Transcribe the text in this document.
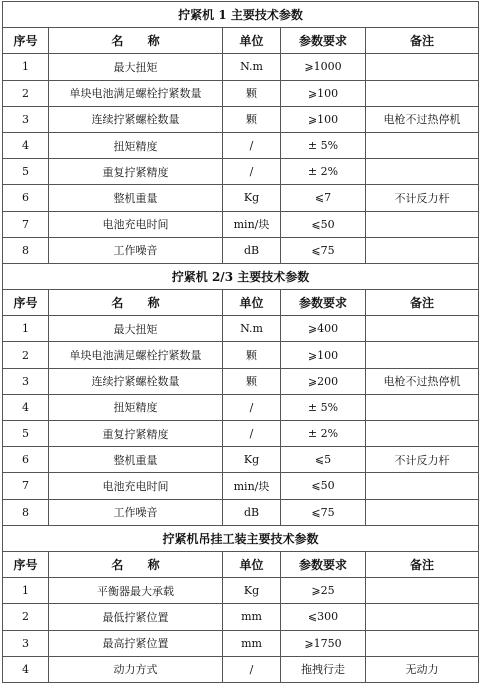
拧紧机 1 主要技术参数				
序号	名 称	单位	参数要求	备注
1	最大扭矩	N.m	⩾1000	
2	单块电池满足螺栓拧紧数量	颗	⩾100	
3	连续拧紧螺栓数量	颗	⩾100	电枪不过热停机
4	扭矩精度	/	± 5%	
5	重复拧紧精度	/	± 2%	
6	整机重量	Kg	⩽7	不计反力杆
7	电池充电时间	min/块	⩽50	
8	工作噪音	dB	⩽75	
拧紧机 2/3 主要技术参数				
序号	名 称	单位	参数要求	备注
1	最大扭矩	N.m	⩾400	
2	单块电池满足螺栓拧紧数量	颗	⩾100	
3	连续拧紧螺栓数量	颗	⩾200	电枪不过热停机
4	扭矩精度	/	± 5%	
5	重复拧紧精度	/	± 2%	
6	整机重量	Kg	⩽5	不计反力杆
7	电池充电时间	min/块	⩽50	
8	工作噪音	dB	⩽75	
拧紧机吊挂工装主要技术参数				
序号	名 称	单位	参数要求	备注
1	平衡器最大承载	Kg	⩾25	
2	最低拧紧位置	mm	⩽300	
3	最高拧紧位置	mm	⩾1750	
4	动力方式	/	拖拽行走	无动力
